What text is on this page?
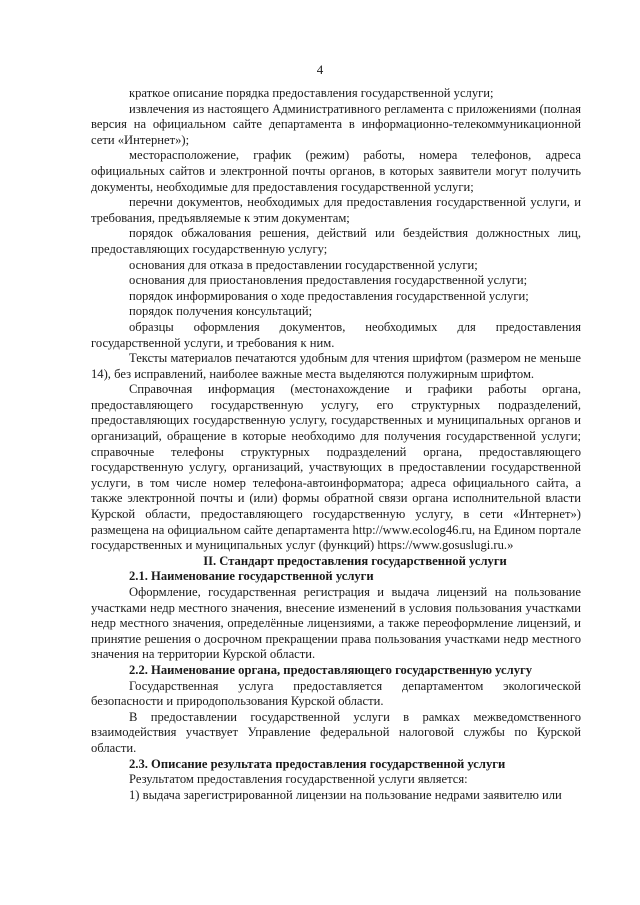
4

краткое описание порядка предоставления государственной услуги;

извлечения из настоящего Административного регламента с приложениями (полная версия на официальном сайте департамента в информационно-телекоммуникационной сети «Интернет»);

месторасположение, график (режим) работы, номера телефонов, адреса официальных сайтов и электронной почты органов, в которых заявители могут получить документы, необходимые для предоставления государственной услуги;

перечни документов, необходимых для предоставления государственной услуги, и требования, предъявляемые к этим документам;

порядок обжалования решения, действий или бездействия должностных лиц, предоставляющих государственную услугу;

основания для отказа в предоставлении государственной услуги;

основания для приостановления предоставления государственной услуги;

порядок информирования о ходе предоставления государственной услуги;

порядок получения консультаций;

образцы оформления документов, необходимых для предоставления государственной услуги, и требования к ним.

Тексты материалов печатаются удобным для чтения шрифтом (размером не меньше 14), без исправлений, наиболее важные места выделяются полужирным шрифтом.

Справочная информация (местонахождение и графики работы органа, предоставляющего государственную услугу, его структурных подразделений, предоставляющих государственную услугу, государственных и муниципальных органов и организаций, обращение в которые необходимо для получения государственной услуги; справочные телефоны структурных подразделений органа, предоставляющего государственную услугу, организаций, участвующих в предоставлении государственной услуги, в том числе номер телефона-автоинформатора; адреса официального сайта, а также электронной почты и (или) формы обратной связи органа исполнительной власти Курской области, предоставляющего государственную услугу, в сети «Интернет») размещена на официальном сайте департамента http://www.ecolog46.ru, на Едином портале государственных и муниципальных услуг (функций) https://www.gosuslugi.ru.»

II. Стандарт предоставления государственной услуги

2.1. Наименование государственной услуги

Оформление, государственная регистрация и выдача лицензий на пользование участками недр местного значения, внесение изменений в условия пользования участками недр местного значения, определённые лицензиями, а также переоформление лицензий, и принятие решения о досрочном прекращении права пользования участками недр местного значения на территории Курской области.

2.2. Наименование органа, предоставляющего государственную услугу

Государственная услуга предоставляется департаментом экологической безопасности и природопользования Курской области.

В предоставлении государственной услуги в рамках межведомственного взаимодействия участвует Управление федеральной налоговой службы по Курской области.

2.3. Описание результата предоставления государственной услуги

Результатом предоставления государственной услуги является:

1) выдача зарегистрированной лицензии на пользование недрами заявителю или
